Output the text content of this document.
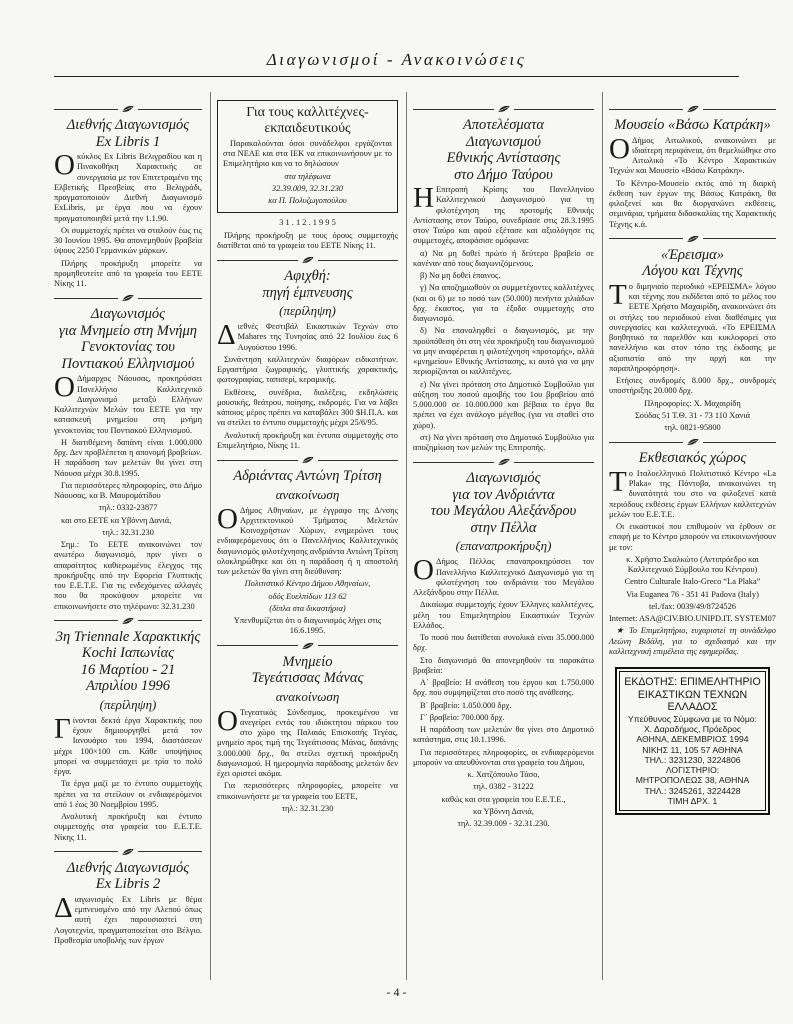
Διαγωνισμοί - Ανακοινώσεις
Διεθνής Διαγωνισμός
Ex Libris 1

Οκύκλος Ex Libris Βελιγραδίου και η Πινακοθήκη Χαρακτικής σε συνεργασία με τον Επιτετραμένο της Ελβετικής Πρεσβείας στο Βελιγράδι, πραγματοποιούν Διεθνή Διαγωνισμό ExLibris, με έργα που να έχουν πραγματοποιηθεί μετά την 1.1.90.

Οι συμμετοχές πρέπει να σταλούν έως τις 30 Ιουνίου 1995. Θα απονεμηθούν βραβεία ύψους 2250 Γερμανικών μάρκων.

Πλήρης προκήρυξη μπορείτε να προμηθευτείτε από τα γραφεία του ΕΕΤΕ Νίκης 11.

Διαγωνισμός
για Μνημείο στη Μνήμη
Γενοκτονίας του
Ποντιακού Ελληνισμού

Ο Δήμαρχος Νάουσας, προκηρύσσει Πανελλήνιο Καλλιτεχνικό Διαγωνισμό μεταξύ Ελλήνων Καλλιτεχνών Μελών του ΕΕΤΕ για την κατασκευή μνημείου στη μνήμη γενοκτονίας του Ποντιακού Ελληνισμού.

Η διατιθέμενη δαπάνη είναι 1.000.000 δρχ. Δεν προβλέπεται η απονομή βραβείων. Η παράδοση των μελετών θα γίνει στη Νάουσα μέχρι 30.8.1995.

Για περισσότερες πληροφορίες, στο Δήμο Νάουσας, κα Β. Μαυρομάτίδου

τηλ.: 0332-23877

και στο ΕΕΤΕ κα Υβόννη Δανιά,

τηλ.: 32.31.230

Σημ.: Το ΕΕΤΕ ανακοινώνει τον ανωτέρω διαγωνισμό, πριν γίνει ο απαραίτητος καθιερωμένος έλεγχος της προκήρυξης από την Εφορεία Γλυπτικής του Ε.Ε.Τ.Ε. Για τις ενδεχόμενες αλλαγές που θα προκύψουν μπορείτε να επικοινωνήσετε στο τηλέφωνο: 32.31.230

3η Triennale Χαρακτικής
Kochi Ιαπωνίας
16 Μαρτίου - 21 Απριλίου 1996
(περίληψη)

Γίνονται δεκτά έργα Χαρακτικής που έχουν δημιουργηθεί μετά τον Ιανουάριο του 1994, διαστάσεων μέχρι 100×100 cm. Κάθε υποψήφιος μπορεί να συμμετάσχει με τρία το πολύ έργα.

Τα έργα μαζί με το έντυπο συμμετοχής πρέπει να τα στείλουν οι ενδιαφερόμενοι από 1 έως 30 Νοεμβρίου 1995.

Αναλυτική προκήρυξη και έντυπο συμμετοχής στα γραφεία του Ε.Ε.Τ.Ε. Νίκης 11.

Διεθνής Διαγωνισμός
Ex Libris 2

Διαγωνισμός Ex Libris με θέμα εμπνευσμένο από την Αλεπού όπως αυτή έχει παρουσιαστεί στη Λογοτεχνία, πραγματοποιείται στο Βέλγιο. Προθεσμία υποβολής των έργων

Για τους καλλιτέχνες-
εκπαιδευτικούς

Παρακαλούνται όσοι συνάδελφοι εργάζονται στα ΝΕΑΕ και στα ΙΕΚ να επικοινωνήσουν με το Επιμελητήριο και να το δηλώσουν

στα τηλέφωνα

32.39.009, 32.31.230

κα Π. Πολυζωγοπούλου

3 1 . 1 2 . 1 9 9 5

Πλήρης προκήρυξη με τους όρους συμμετοχής διατίθεται από τα γραφεία του ΕΕΤΕ Νίκης 11.

Αφιχθή:
πηγή έμπνευσης
(περίληψη)

Διεθνές Φεστιβάλ Εικαστικών Τεχνών στο Mahares της Τυνησίας από 22 Ιουλίου έως 6 Αυγούστου 1996.

Συνάντηση καλλιτεχνών διαφόρων ειδικοτήτων. Εργαστήρια ζωγραφικής, γλυπτικής χαρακτικής, φωτογραφίας, ταπισερί, κεραμικής.

Εκθέσεις, συνέδρια, διαλέξεις, εκδηλώσεις μουσικής, θεάτρου, ποίησης, εκδρομές. Για να λάβει κάποιος μέρος πρέπει να καταβάλει 300 $Η.Π.Α. και να στείλει το έντυπο συμμετοχής μέχρι 25/6/95.

Αναλυτική προκήρυξη και έντυπα συμμετοχής στο Επιμελητήριο, Νίκης 11.

Αδριάντας Αντώνη Τρίτση
ανακοίνωση

Ο Δήμος Αθηναίων, με έγγραφο της Δ/νσης Αρχιτεκτονικού Τμήματος Μελετών Κοινοχρήστων Χώρων, ενημερώνει τους ενδιαφερόμενους ότι ο Πανελλήνιος Καλλιτεχνικός διαγωνισμός φιλοτέχνησης ανδριάντα Αντώνη Τρίτση ολοκληρώθηκε και ότι η παράδοση ή η αποστολή των μελετών θα γίνει στη διεύθυνση:

Πολιτιστικό Κέντρο Δήμου Αθηναίων,

οδός Ευελπίδων 113 62

(δίπλα στα δικαστήρια)

Υπενθυμίζεται ότι ο διαγωνισμός λήγει στις 16.6.1995.

Μνημείο
Τεγεάτισσας Μάνας
ανακοίνωση

Ο Τεγεατικός Σύνδεσμος, προκειμένου να ανεγείρει εντός του ιδιόκτητου πάρκου του στο χώρο της Παλαιάς Επισκοπής Τεγέας, μνημείο προς τιμή της Τεγεάτισσας Μάνας, δαπάνης 3.000.000 δρχ., θα στείλει σχετική προκήρυξη διαγωνισμού. Η ημερομηνία παράδοσης μελετών δεν έχει οριστεί ακόμα.

Για περισσότερες πληροφορίες, μπορείτε να επικοινωνήσετε με τα γραφεία του ΕΕΤΕ,

τηλ.: 32.31.230

Αποτελέσματα
Διαγωνισμού
Εθνικής Αντίστασης
στο Δήμο Ταύρου

Η Επιτροπή Κρίσης του Πανελληνίου Καλλιτεχνικού Διαγωνισμού για τη φιλοτέχνηση της προτομής Εθνικής Αντίστασης στον Ταύρο, συνεδρίασε στις 28.3.1995 στον Ταύρο και αφού εξέτασε και αξιολόγησε τις συμμετοχές, αποφάσισε ομόφωνα:

α) Να μη δοθεί πρώτο ή δεύτερο βραβείο σε κανέναν από τους διαγωνιζόμενους.

β) Να μη δοθεί έπαινος.

γ) Να αποζημιωθούν οι συμμετέχοντες καλλιτέχνες (και οι 6) με το ποσό των (50.000) πενήντα χιλιάδων δρχ. έκαστος, για τα έξοδα συμμετοχής στο διαγωνισμό.

δ) Να επαναληφθεί ο διαγωνισμός, με την προϋπόθεση ότι στη νέα προκήρυξη του διαγωνισμού να μην αναφέρεται η φιλοτέχνηση «προτομής», αλλά «μνημείου» Εθνικής Αντίστασης, κι αυτό για να μην περιορίζονται οι καλλιτέχνες.

ε) Να γίνει πρόταση στο Δημοτικό Συμβούλιο για αύξηση του ποσού αμοιβής του 1ου βραβείου από 5.000.000 σε 10.000.000 και βέβαια το έργο θα πρέπει να έχει ανάλογο μέγεθος (για να σταθεί στο χώρο).

στ) Να γίνει πρόταση στο Δημοτικό Συμβούλιο για αποζημίωση των μελών της Επιτροπής.

Διαγωνισμός
για τον Ανδριάντα
του Μεγάλου Αλεξάνδρου
στην Πέλλα
(επαναπροκήρυξη)

Ο Δήμος Πέλλας επαναπροκηρύσσει τον Πανελλήνιο Καλλιτεχνικό Διαγωνισμό για τη φιλοτέχνηση του ανδριάντα του Μεγάλου Αλεξάνδρου στην Πέλλα.

Δικαίωμα συμμετοχής έχουν Έλληνες καλλιτέχνες, μέλη του Επιμελητηρίου Εικαστικών Τεχνών Ελλάδος.

Το ποσό που διατίθεται συνολικά είναι 35.000.000 δρχ.

Στο διαγωνισμό θα απονεμηθούν τα παρακάτω βραβεία:

Α΄ βραβείο: Η ανάθεση του έργου και 1.750.000 δρχ. που συμψηφίζεται στο ποσό της ανάθεσης.

Β΄ βραβείο: 1.050.000 δρχ.

Γ΄ βραβείο: 700.000 δρχ.

Η παράδοση των μελετών θα γίνει στο Δημοτικό κατάστημα, στις 10.1.1996.

Για περισσότερες πληροφορίες, οι ενδιαφερόμενοι μπορούν να απευθύνονται στα γραφεία του Δήμου,

κ. Χατζόπουλο Τάσο,

τηλ. 0382 - 31222

καθώς και στα γραφεία του Ε.Ε.Τ.Ε.,

κα Υβόννη Δανιά,

τηλ. 32.39.009 - 32.31.230.

Μουσείο «Βάσω Κατράκη»

Ο Δήμος Αιτωλικού, ανακοινώνει με ιδιαίτερη περιφάνεια, ότι θεμελιώθηκε στο Αιτωλικό «Το Κέντρο Χαρακτικών Τεχνών και Μουσείο «Βάσω Κατράκη».

Το Κέντρο-Μουσείο εκτός από τη διαρκή έκθεση των έργων της Βάσως Κατράκη, θα φιλοξενεί και θα διοργανώνει εκθέσεις, σεμινάρια, τμήματα διδασκαλίας της Χαρακτικής Τέχνης κ.ά.

«Έρεισμα»
Λόγου και Τέχνης

Το διμηνιαίο περιοδικό «ΕΡΕΙΣΜΑ» λόγου και τέχνης που εκδίδεται από το μέλος του ΕΕΤΕ Χρήστο Μαχαιρίδη, ανακοινώνει ότι οι στήλες του περιοδικού είναι διαθέσιμες για συνεργασίες και καλλιτεχνικά. «Το ΕΡΕΙΣΜΑ βοηθητικό τα παρελθόν και κυκλοφορεί στο πανελλήνιο και στον τόπο της έκδοσης με αξιοπιστία από την αρχή και την παραπληροφόρηση».

Ετήσιες συνδρομές 8.000 δρχ., συνδρομές υποστήριξης 20.000 δρχ.

Πληροφορίες: Χ. Μαχαιρίδη

Σούδας 51 Τ.Θ. 31 - 73 110 Χανιά

τηλ. 0821-95800

Εκθεσιακός χώρος

Το Ιταλοελληνικό Πολιτιστικό Κέντρο «La Plaka» της Πάντοβα, ανακοινώνει τη δυνατότητά του στο να φιλοξενεί κατά περιόδους εκθέσεις έργων Ελλήνων καλλιτεχνών μελών του Ε.Ε.Τ.Ε.

Οι εικαστικοί που επιθυμούν να έρθουν σε επαφή με το Κέντρο μπορούν να επικοινωνήσουν με τον:

κ. Χρήστο Σκαλκώτο (Αντιπρόεδρο και Καλλιτεχνικό Σύμβουλο του Κέντρου)

Centro Culturale Italo-Greco “La Plaka”

Via Euganea 76 - 351 41 Padova (Italy)

tel./fax: 0039/49/8724526

Internet: ASA@CIV.BIO.UNIPD.IT. SYSTEM07

★ Το Επιμελητήριο, ευχαριστεί τη συνάδελφο Λεώνη Βιδάλη, για το σχεδιασμό και την καλλιτεχνική επιμέλεια της εφημερίδας.

ΕΚΔΟΤΗΣ: ΕΠΙΜΕΛΗΤΗΡΙΟ
ΕΙΚΑΣΤΙΚΩΝ ΤΕΧΝΩΝ
ΕΛΛΑΔΟΣ
Υπεύθυνος Σύμφωνα με το Νόμο:
Χ. Δαραδήμος, Πρόεδρος
ΑΘΗΝΑ, ΔΕΚΕΜΒΡΙΟΣ 1994
ΝΙΚΗΣ 11, 105 57 ΑΘΗΝΑ
ΤΗΛ.: 3231230, 3224806
ΛΟΓΙΣΤΗΡΙΟ:
ΜΗΤΡΟΠΟΛΕΩΣ 38, ΑΘΗΝΑ
ΤΗΛ.: 3245261, 3224428
ΤΙΜΗ ΔΡΧ. 1
- 4 -
